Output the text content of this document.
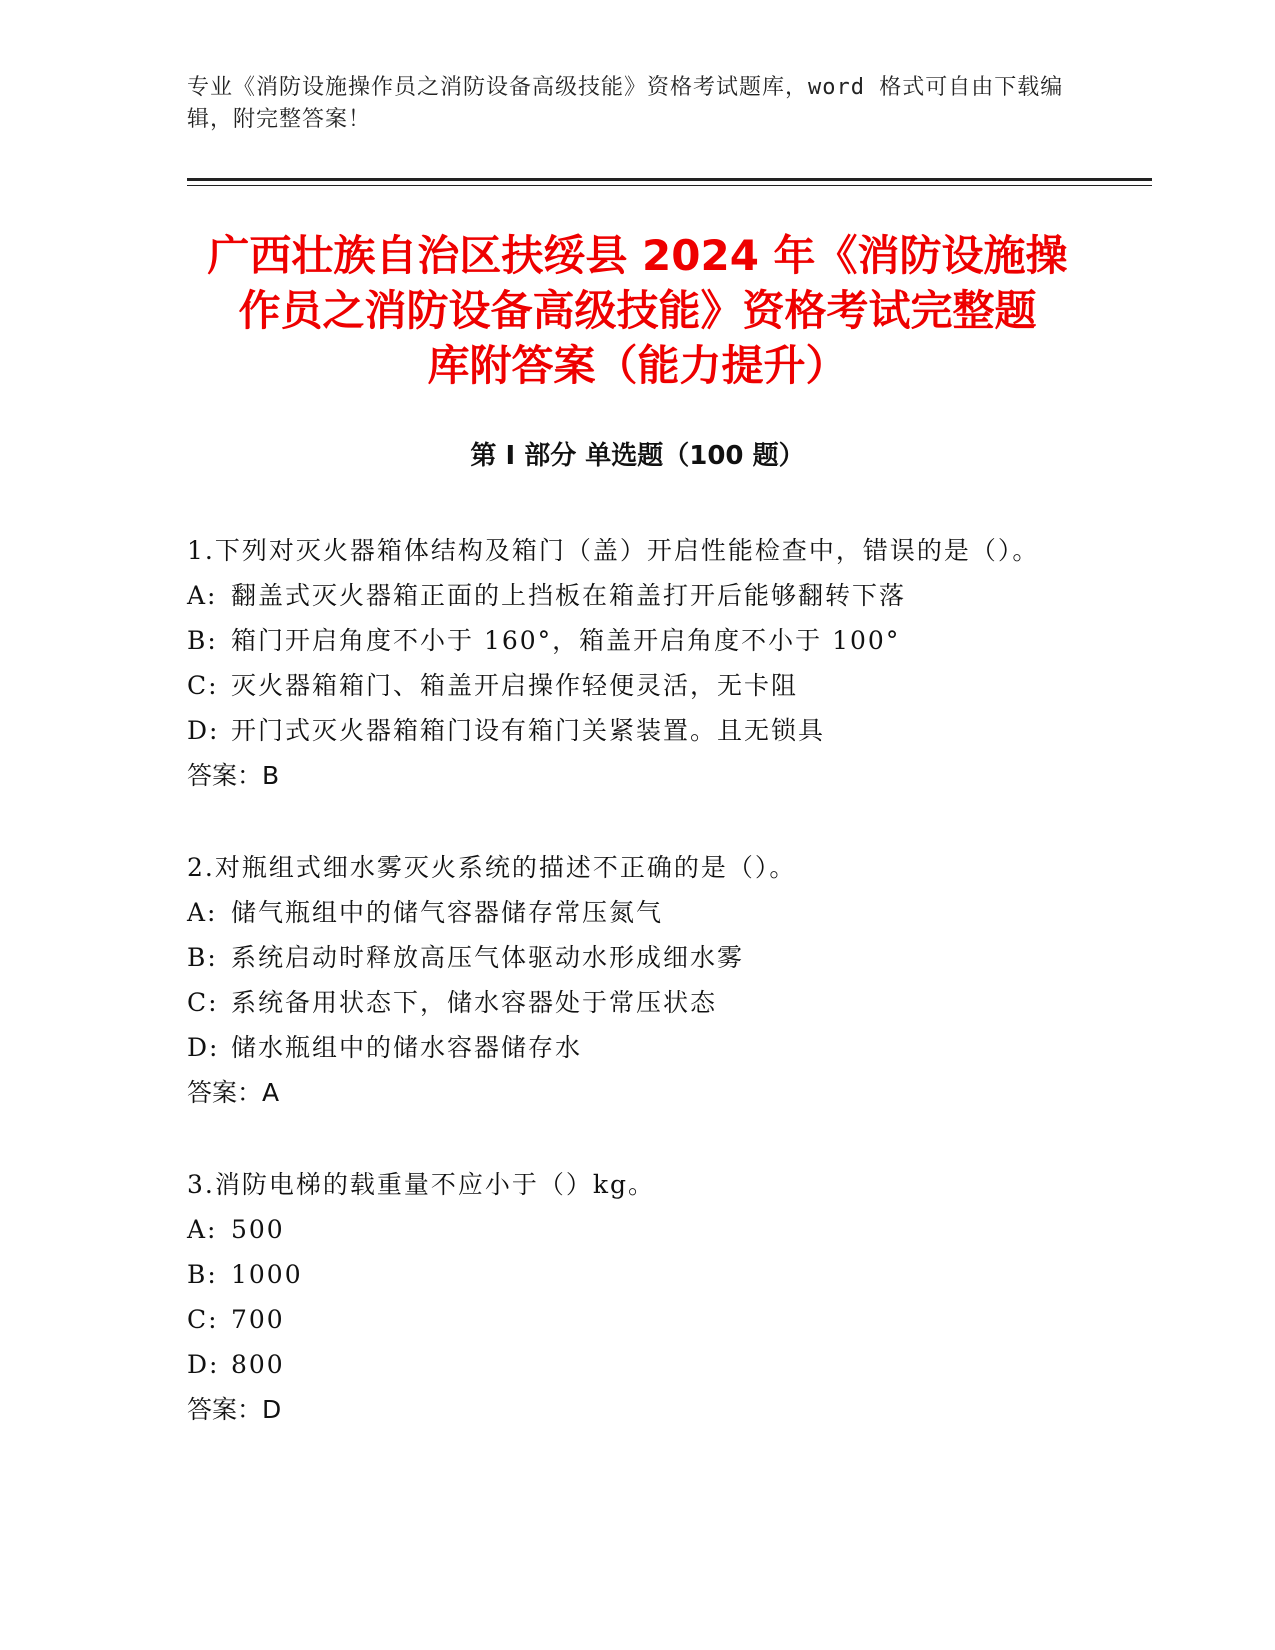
专业《消防设施操作员之消防设备高级技能》资格考试题库，word 格式可自由下载编辑，附完整答案！
广西壮族自治区扶绥县 2024 年《消防设施操
作员之消防设备高级技能》资格考试完整题
库附答案（能力提升）
第 I 部分 单选题（100 题）
1.下列对灭火器箱体结构及箱门（盖）开启性能检查中，错误的是（）。
A: 翻盖式灭火器箱正面的上挡板在箱盖打开后能够翻转下落
B: 箱门开启角度不小于 160°，箱盖开启角度不小于 100°
C: 灭火器箱箱门、箱盖开启操作轻便灵活，无卡阻
D: 开门式灭火器箱箱门设有箱门关紧装置。且无锁具
答案：B
2.对瓶组式细水雾灭火系统的描述不正确的是（）。
A: 储气瓶组中的储气容器储存常压氮气
B: 系统启动时释放高压气体驱动水形成细水雾
C: 系统备用状态下，储水容器处于常压状态
D: 储水瓶组中的储水容器储存水
答案：A
3.消防电梯的载重量不应小于（）kg。
A: 500
B: 1000
C: 700
D: 800
答案：D
